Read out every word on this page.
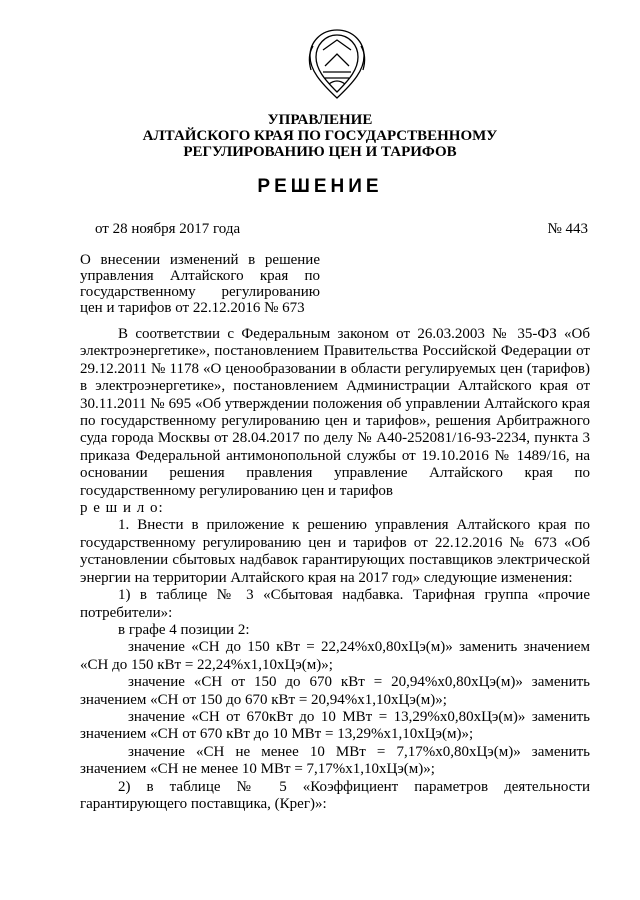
УПРАВЛЕНИЕ
АЛТАЙСКОГО КРАЯ ПО ГОСУДАРСТВЕННОМУ
РЕГУЛИРОВАНИЮ ЦЕН И ТАРИФОВ
РЕШЕНИЕ
от 28 ноября 2017 года	№ 443
О внесении изменений в решение управления Алтайского края по государственному регулированию цен и тарифов от 22.12.2016 № 673

В соответствии с Федеральным законом от 26.03.2003 № 35-ФЗ «Об электроэнергетике», постановлением Правительства Российской Федерации от 29.12.2011 № 1178 «О ценообразовании в области регулируемых цен (тарифов) в электроэнергетике», постановлением Администрации Алтайского края от 30.11.2011 № 695 «Об утверждении положения об управлении Алтайского края по государственному регулированию цен и тарифов», решения Арбитражного суда города Москвы от 28.04.2017 по делу № А40-252081/16-93-2234, пункта 3 приказа Федеральной антимонопольной службы от 19.10.2016 № 1489/16, на основании решения правления управление Алтайского края по государственному регулированию цен и тарифов

р е ш и л о:

1. Внести в приложение к решению управления Алтайского края по государственному регулированию цен и тарифов от 22.12.2016 № 673 «Об установлении сбытовых надбавок гарантирующих поставщиков электрической энергии на территории Алтайского края на 2017 год» следующие изменения:

1) в таблице № 3 «Сбытовая надбавка. Тарифная группа «прочие потребители»:

в графе 4 позиции 2:

значение «СН до 150 кВт = 22,24%х0,80хЦэ(м)» заменить значением «СН до 150 кВт = 22,24%х1,10хЦэ(м)»;

значение «СН от 150 до 670 кВт = 20,94%х0,80хЦэ(м)» заменить значением «СН от 150 до 670 кВт = 20,94%х1,10хЦэ(м)»;

значение «СН от 670кВт до 10 МВт = 13,29%х0,80хЦэ(м)» заменить значением «СН от 670 кВт до 10 МВт = 13,29%х1,10хЦэ(м)»;

значение «СН не менее 10 МВт = 7,17%х0,80хЦэ(м)» заменить значением «СН не менее 10 МВт = 7,17%х1,10хЦэ(м)»;

2) в таблице № 5 «Коэффициент параметров деятельности гарантирующего поставщика, (Крег)»:
